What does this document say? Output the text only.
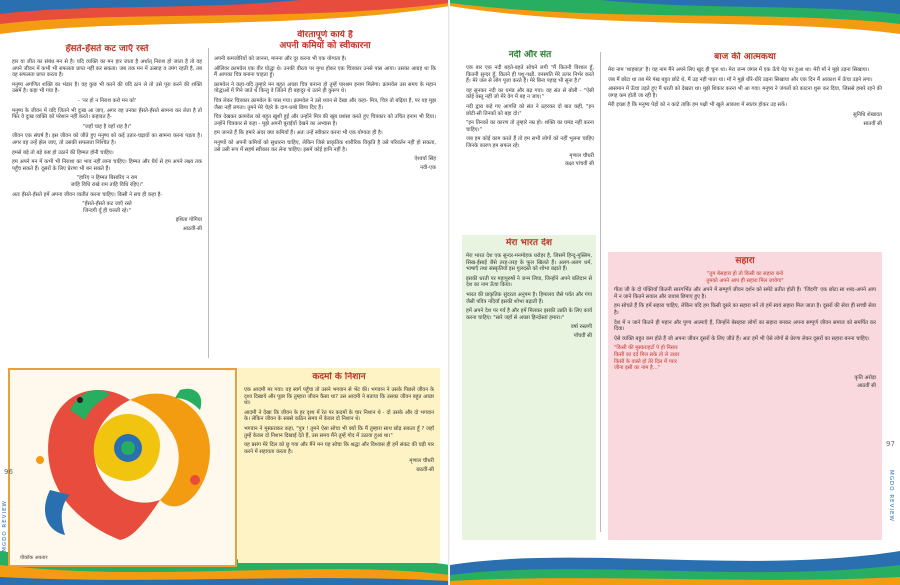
हँसते-हँसते कट जाएँ रस्ते

हार या जीत का संबंध मन से है। यदि व्यक्ति का मन हार जाता है अर्थात् निराश हो जाता है तो वह अपने जीवन में कभी भी सफलता प्राप्त नहीं कर सकता। जब तक मन में उत्साह व उमंग रहती है, तब वह सफलता प्राप्त करता है।

मनुष्य अगणित शक्ति का भंडार है। वह कुछ भी करने की यदि ठान ले तो उसे पूरा करने की शक्ति उसमें है। कहा भी गया है-

- 'नर हो न निराश करो मन को'

मनुष्य के जीवन में यदि जितने भी दुःख आ जाए, अगर वह उनका हँसते-हँसते सामना कर लेता है तो फिर वे दुःख व्यक्ति को परेशान नहीं करते। कहावत है-

"जहाँ चाह है वहाँ राह है।"

जीवन एक संघर्ष है। इस जीवन को जीते हुए मनुष्य को कई उतार-चढ़ावों का सामना करना पड़ता है। अगर वह उन्हें झेल जाए, तो उसकी सफलता निश्चित है।

हमसे बड़े तो बड़े कष्ट हो उठाने की हिम्मत होनी चाहिए।

हम अपने मन में कभी भी निराशा का भाव नहीं लाना चाहिए। हिम्मत और धैर्य से हम अपने लक्ष्य तक पहुँच सकते हैं। दूसरों के लिए प्रेरणा भी बन सकते हैं।

"हारिए न हिम्मत बिसारिए न राम

जाहि विधि राखे राम ताहि विधि रहिए।"

अतः हँसते-हँसते हमें अपना जीवन व्यतीत करना चाहिए। किसी ने सच ही कहा है-

"हँसते-हँसते कट जाएँ रस्ते

जिन्दगी यूँ ही चलती रहे।"

इशिता गोगिया
आठवीं-सी
वीरतापूर्ण कार्य है
अपनी कमियों को स्वीकारना

अपनी कमजोरियों को जानना, मानना और दूर करना भी एक योग्यता है।

ऑलिवर क्रामवेल एक वीर योद्धा थे। उनकी वीरता पर मुग्ध होकर एक चित्रकार उनसे पास आया। उसका आग्रह था कि मैं आपका चित्र बनाना चाहता हूँ।

क्रामवेल ने कहा-यदि तुम्हारे मन बहुत अच्छा चित्र बनाना हो तुम्हें पारश्रम इनाम मिलेगा। क्रामवेल उस समय के महान योद्धाओं में गिने जाते थे किन्तु वे जितने ही बहादुर थे उतने ही कुरूप थे।

चित्र लेकर चित्रकार क्रामवेल के पास गया। क्रामवेल ने उसे ध्यान से देखा और कहा- मित्र, चित्र तो बढ़िया है, पर यह मुझ जैसा नहीं लगता। तुमने मेरे चेहरे के दाग-धब्बे छिपा दिए हैं।

चित्र देखकर क्रामवेल को बहुत खुशी हुई और उन्होंने मित्र की खूब प्रशंसा करते हुए चित्रकार को उचित इनाम भी दिया। उन्होंने चित्रकार से कहा - मुझे अपनी बुराईयों देखने का अभ्यास है।

हम जानते हैं कि हमारे अंदर क्या कमियाँ हैं। अतः उन्हें स्वीकार करना भी एक योग्यता ही है।

मनुष्यों को अपनी कमियों को सुधारना चाहिए, लेकिन जिसे प्राकृतिक शारीरिक विकृति है उसे परिवर्तन नहीं हो सकता, उसे उसी रूप में सहर्ष स्वीकार कर लेना चाहिए। इसमें कोई हानि नहीं है।

ऐश्वर्या सिंह
नवी-एक
पीकॉक अवतार
कदमों के निशान

एक आदमी मर गया। वह स्वर्ग पहुँचा तो उसने भगवान से भेंट की। भगवान ने उसके पिछले जीवन के दृश्य दिखाये और पूछा कि तुम्हारा जीवन कैसा था? उस आदमी ने बताया कि उसका जीवन बहुत अच्छा था।

आदमी ने देखा कि जीवन के हर दृश्य में रेत पर कदमों के चार निशान थे - दो उसके और दो भगवान के। लेकिन जीवन के सबसे कठिन समय में केवल दो निशान थे।

भगवान ने मुस्कराकर कहा, "पुत्र ! तुमने ऐसा सोचा भी क्यों कि मैं तुम्हारा साथ छोड़ सकता हूँ ? जहाँ तुम्हें केवल दो निशान दिखाई देते हैं, उस समय मैंने तुम्हें गोद में उठाया हुआ था।"

यह प्रसंग मेरे दिल को छू गया और मैंने मन यह सोचा कि श्रद्धा और विश्वास ही हमें संकट की घड़ी पार करने में सहायता करता है।

मृणाल चौधरी
छठवीं-सी
96
MGDO REVIEW
नदी और संत

एक बार एक नदी बहते-बहते सोचने लगी "मैं कितनी विशाल हूँ, कितनी सुन्दर हूँ, कितने ही पशु-पक्षी, वनस्पति मेरे ऊपर निर्भर करते हैं। मेरे जल से लोग पूजा करते हैं। मेरे बिना पहाड़ भी सूना है।"

यह सुनकर नदी का घमंड और बढ़ गया। वह संत से बोली - "ऐसी कोई वस्तु नहीं जो मेरे वेग में बह न जाए।"

नदी द्वारा कहे गए आपत्ति को संत ने ठहरकर दो बात कही, "इन छोटी-सी तिनकों को बहा दो।"

"इन तिनकों का कारण तो तुम्हारे नम्र हो। शक्ति का घमंड नहीं करना चाहिए।"

जब हम कोई काम करते हैं तो हम सभी लोगों को नहीं भूलना चाहिए जिनके कारण हम सफल रहे।

मृणाल चौधरी
कक्षा पांचवी सी
मेरा भारत देश

मेरा भारत देश एक सुन्दर-मनमोहक धरोहर है, जिसमें हिन्दू-मुस्लिम, सिख-ईसाई जैसे तरह-तरह के फूल खिलते हैं। अलग-अलग धर्म, भाषाएँ तथा संस्कृतियाँ इस गुलदस्ते को शोभा बढ़ाते हैं।

इसकी धरती पर महापुरुषों ने जन्म लिया, जिन्होंने अपने बलिदान से देश का नाम ऊँचा किया।

भारत की प्राकृतिक सुंदरता अनुपम है। हिमालय जैसे पर्वत और गंगा जैसी पवित्र नदियाँ इसकी शोभा बढ़ाती हैं।

हमें अपने देश पर गर्व है और हमें मिलकर इसकी उन्नति के लिए कार्य करना चाहिए। "सारे जहाँ से अच्छा हिन्दोस्तां हमारा।"

वर्षा रुस्तगी
पाँचवीं सी
बाज की आत्मकथा

मेरा नाम 'शाहबाज़' है। यह नाम मैंने अपने लिए खुद ही चुना था। मेरा जन्म जंगल में एक ऊँचे पेड़ पर हुआ था। मेरी माँ ने मुझे उड़ना सिखाया।

जब मैं छोटा था तब मेरे पंख बहुत छोटे थे, मैं उड़ नहीं पाता था। माँ ने मुझे धीरे-धीरे उड़ना सिखाया और एक दिन मैं आकाश में ऊँचा उड़ने लगा।

आसमान में ऊँचा उड़ते हुए मैं धरती को देखता था। मुझे शिकार करना भी आ गया। मनुष्य ने जंगलों को काटना शुरू कर दिया, जिससे हमारे रहने की जगह कम होती जा रही है।

मेरी इच्छा है कि मनुष्य पेड़ों को न काटे ताकि हम पक्षी भी खुले आकाश में स्वतंत्र होकर उड़ सकें।

सुनिधि शेखावत
सातवीं सी
सहारा

"तुम बेसहारा हो तो किसी का सहारा बनो

तुमको अपने आप ही सहारा मिल जायेगा"

गीता जी के दो पंक्तियाँ कितनी सारगर्भित और अपने में सम्पूर्ण जीवन दर्शन को समेटे प्रतीत होती हैं। 'जिंदगी' एक छोटा सा शब्द-अपने आप में न जाने कितने सवाल और जवाब छिपाए हुए है।

हम सोचते हैं कि हमें सहारा चाहिए, लेकिन यदि हम किसी दूसरे का सहारा बनें तो हमें स्वयं सहारा मिल जाता है। दूसरों की सेवा ही सच्ची सेवा है।

देश में न जाने कितने ही महान और पुण्य आत्माएँ हैं, जिन्होंने बेसहारा लोगों का सहारा बनकर अपना सम्पूर्ण जीवन समाज को समर्पित कर दिया।

ऐसे व्यक्ति बहुत कम होते हैं जो अपना जीवन दूसरों के लिए जीते हैं। अतः हमें भी ऐसे लोगों से प्रेरणा लेकर दूसरों का सहारा बनना चाहिए।

"किसी की मुस्कराहटों पे हो निसार

किसी का दर्द मिल सके तो ले उधार

किसी के वास्ते हो तेरे दिल में प्यार

जीना इसी का नाम है..."

कृति अरोड़ा
आठवीं सी
97
MGDO REVIEW
